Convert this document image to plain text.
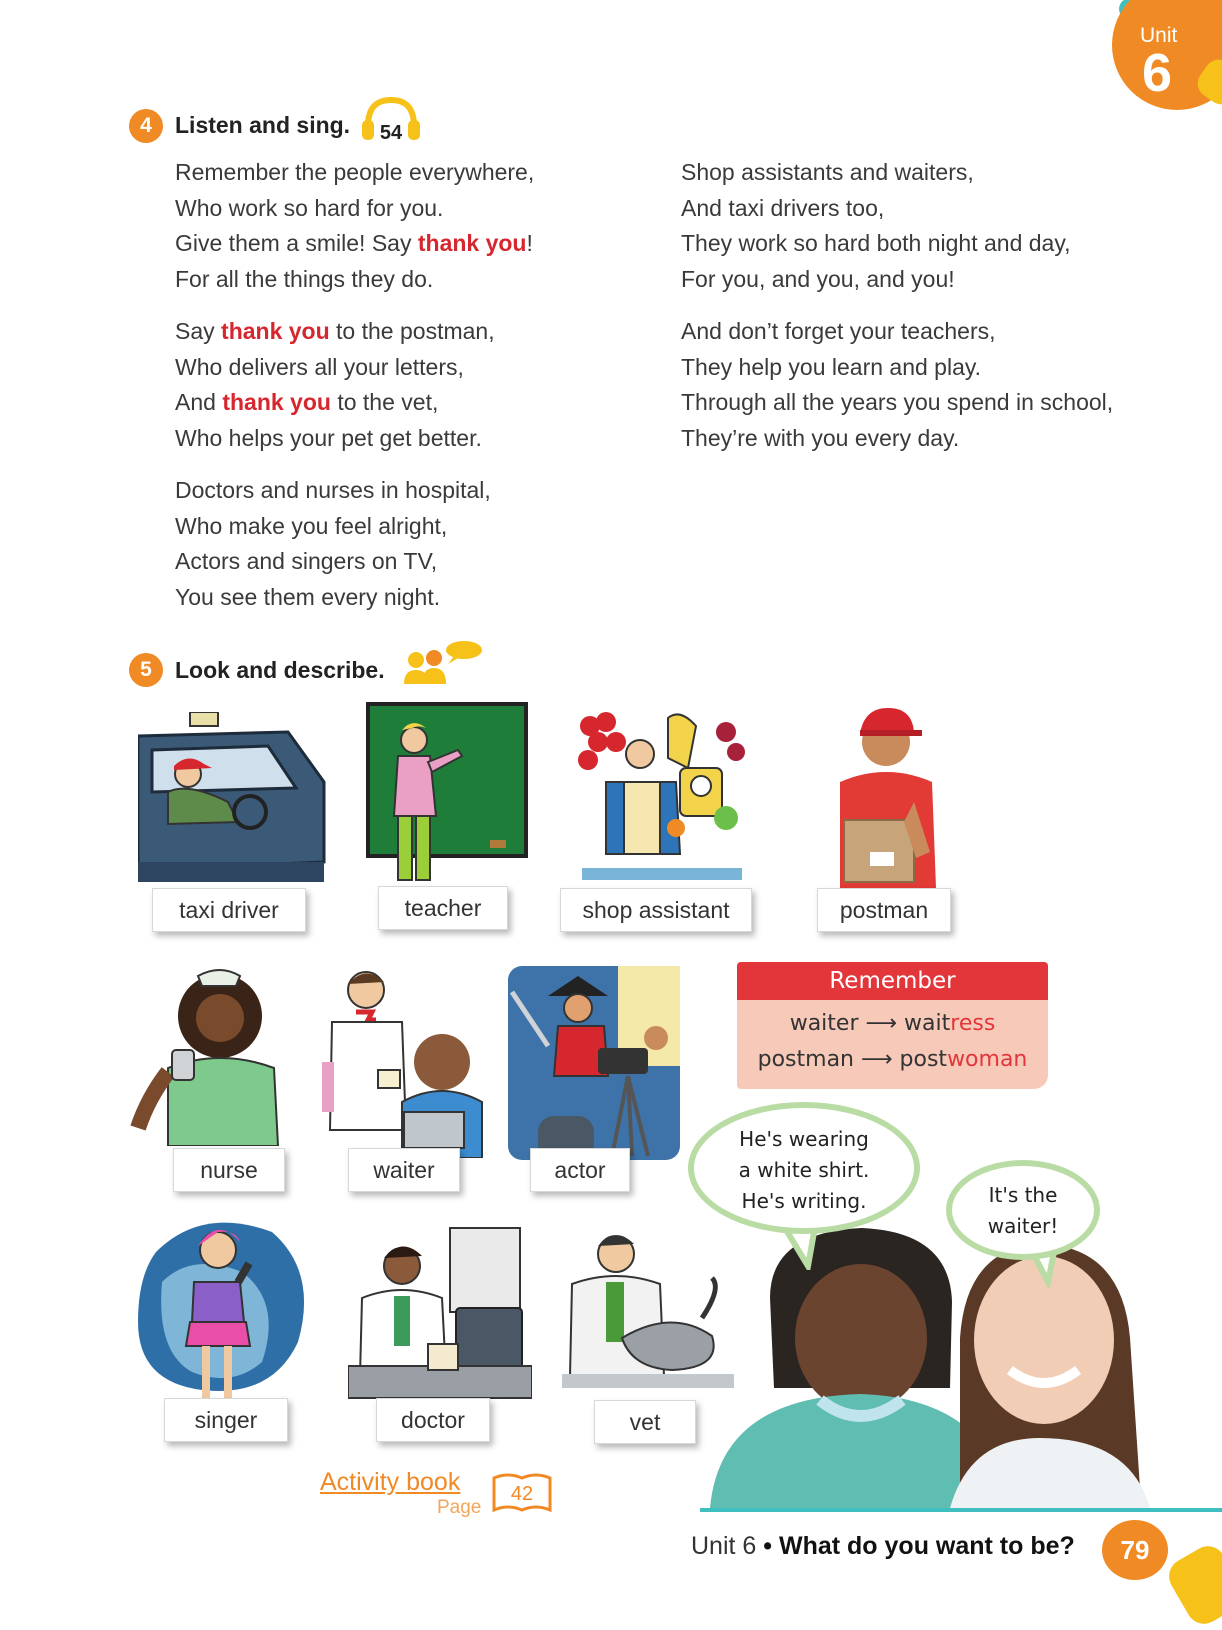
Unit
6
4	Listen and sing. 54
Remember the people everywhere,
Who work so hard for you.
Give them a smile! Say thank you!
For all the things they do.
Say thank you to the postman,
Who delivers all your letters,
And thank you to the vet,
Who helps your pet get better.
Doctors and nurses in hospital,
Who make you feel alright,
Actors and singers on TV,
You see them every night.
Shop assistants and waiters,
And taxi drivers too,
They work so hard both night and day,
For you, and you, and you!
And don’t forget your teachers,
They help you learn and play.
Through all the years you spend in school,
They’re with you every day.
5	Look and describe.
taxi driver	teacher	shop assistant	postman
nurse	waiter	actor
Remember
waiter ⟶ waitress
postman ⟶ postwoman
singer	doctor	vet
He's wearing
a white shirt.
He's writing.	It's the
waiter!
Activity book
Page
42
Unit 6 • What do you want to be?	79
